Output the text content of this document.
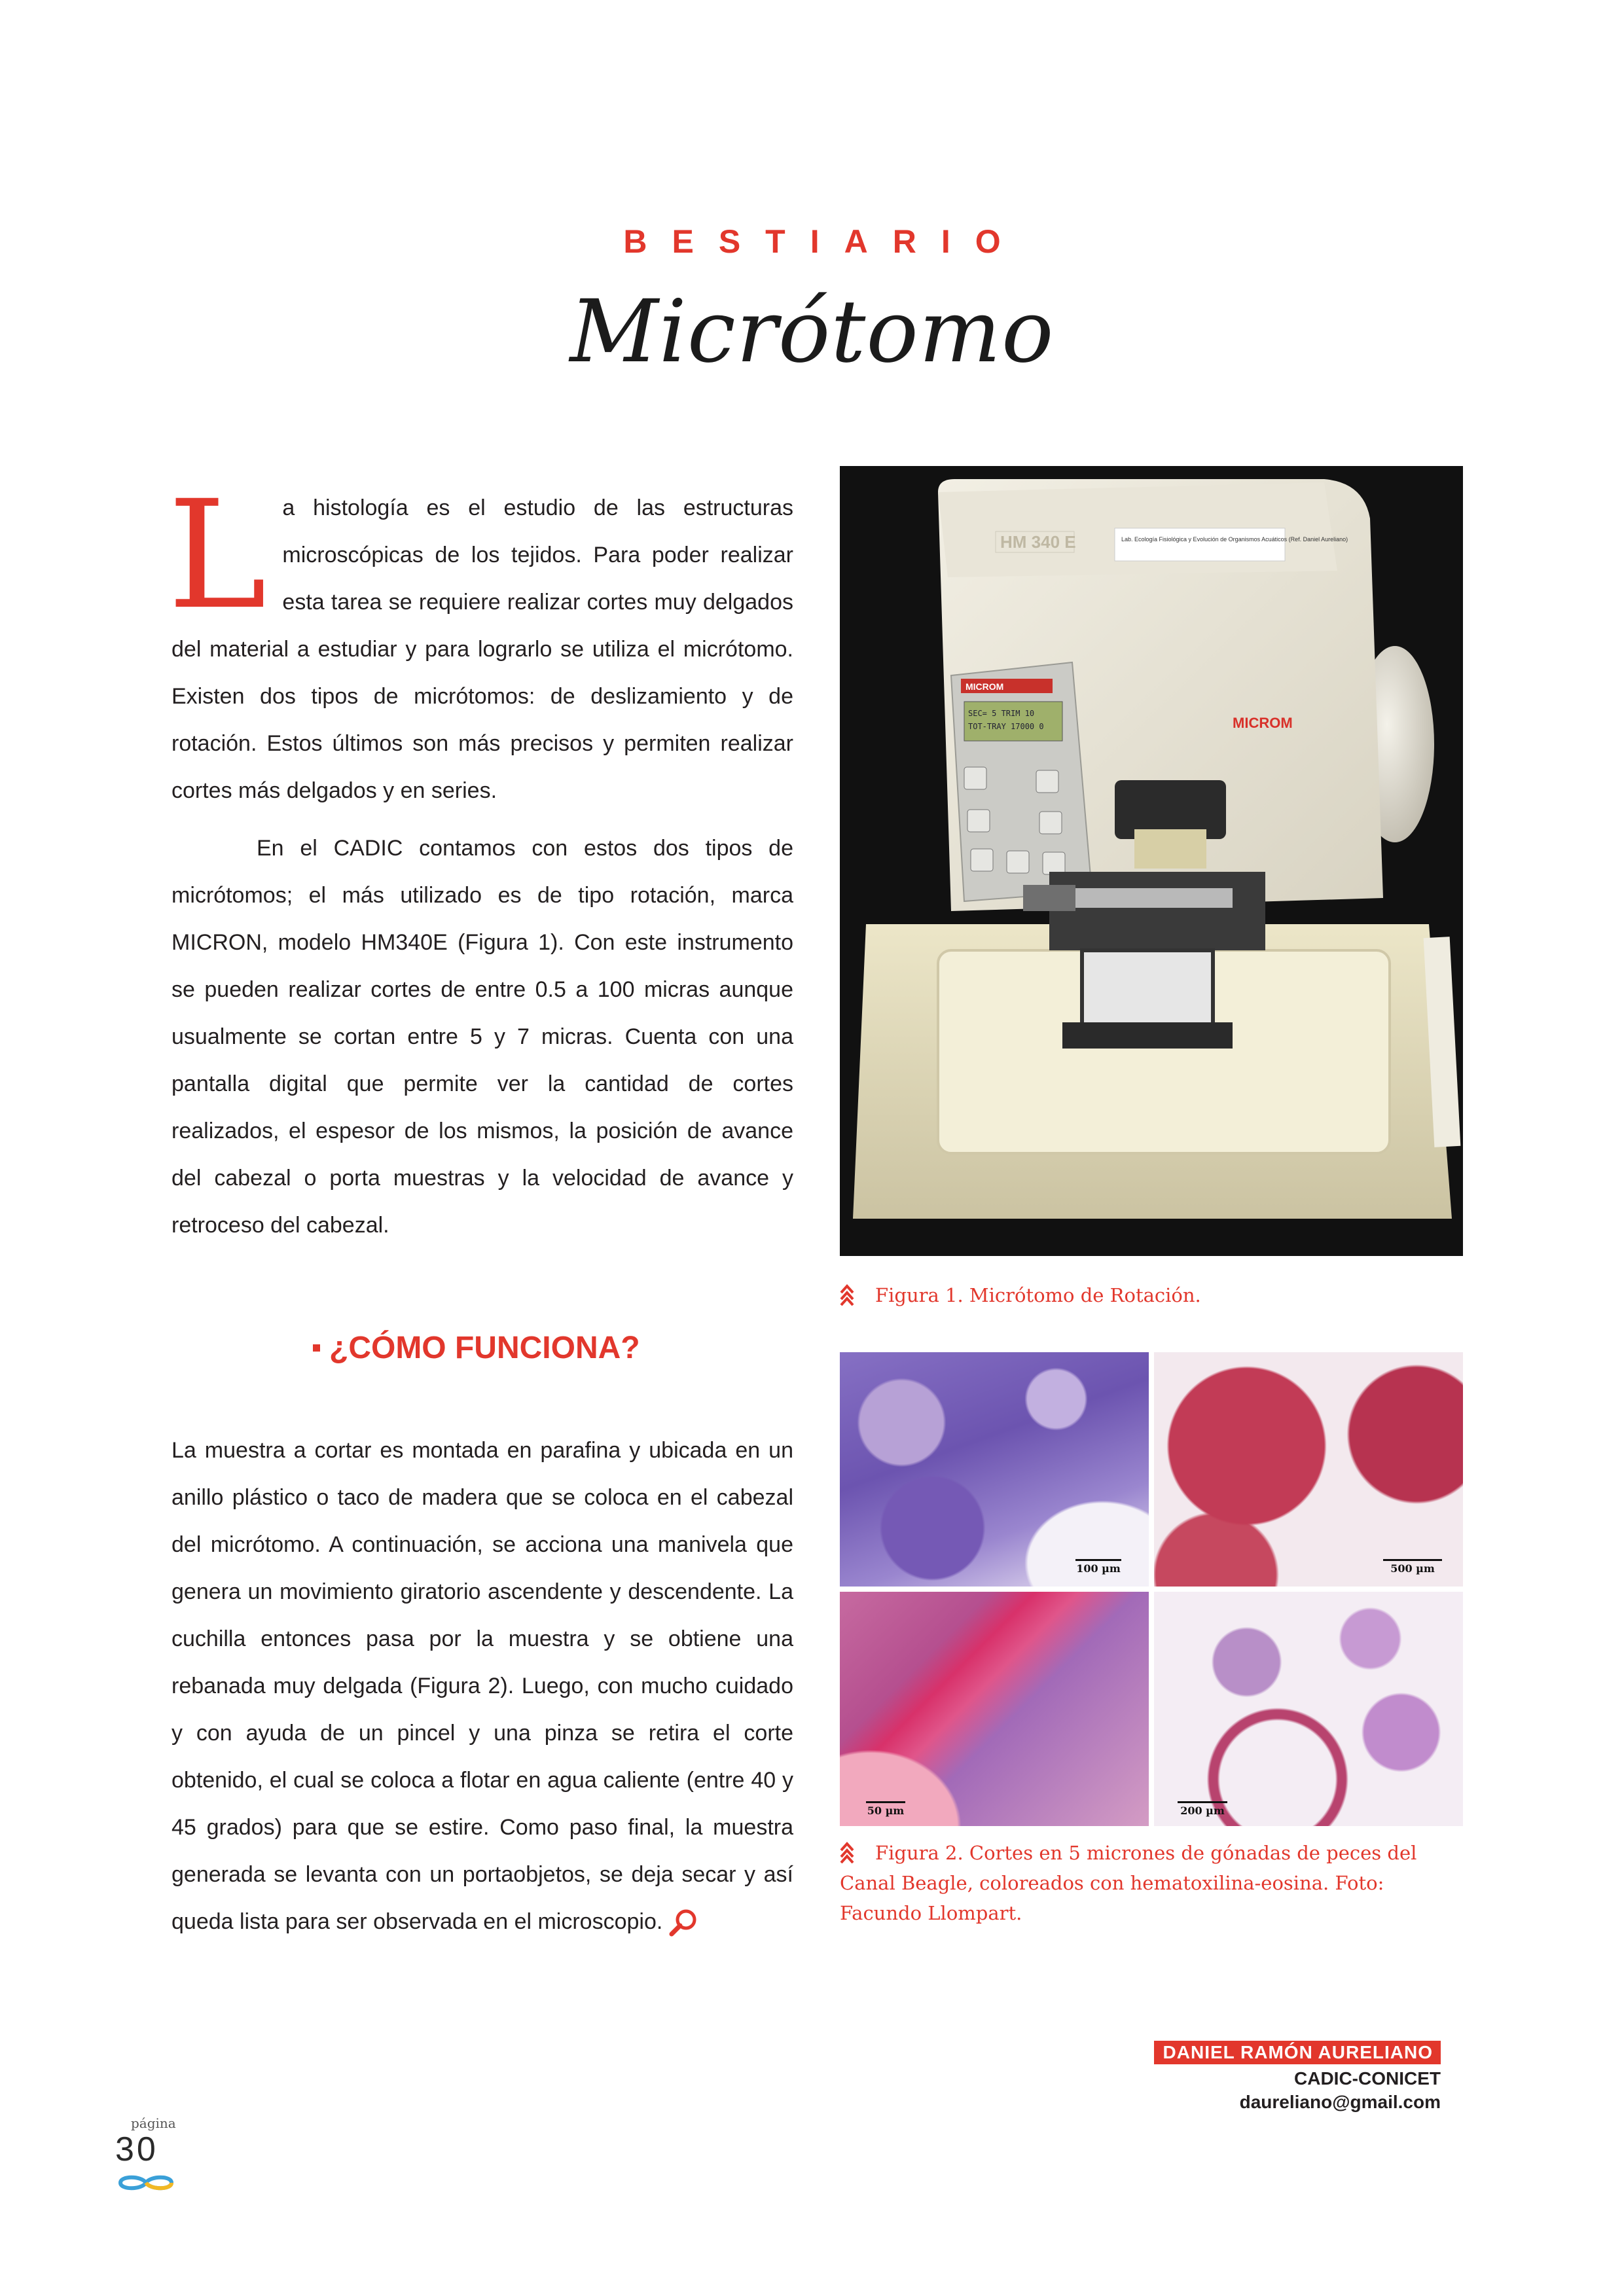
BESTIARIO
Micrótomo
La histología es el estudio de las estructuras microscópicas de los tejidos. Para poder realizar esta tarea se requiere realizar cortes muy delgados del material a estudiar y para lograrlo se utiliza el micrótomo. Existen dos tipos de micrótomos: de deslizamiento y de rotación. Estos últimos son más precisos y permiten realizar cortes más delgados y en series.
En el CADIC contamos con estos dos tipos de micrótomos; el más utilizado es de tipo rotación, marca MICRON, modelo HM340E (Figura 1). Con este instrumento se pueden realizar cortes de entre 0.5 a 100 micras aunque usualmente se cortan entre 5 y 7 micras. Cuenta con una pantalla digital que permite ver la cantidad de cortes realizados, el espesor de los mismos, la posición de avance del cabezal o porta muestras y la velocidad de avance y retroceso del cabezal.
¿CÓMO FUNCIONA?
La muestra a cortar es montada en parafina y ubicada en un anillo plástico o taco de madera que se coloca en el cabezal del micrótomo. A continuación, se acciona una manivela que genera un movimiento giratorio ascendente y descendente. La cuchilla entonces pasa por la muestra y se obtiene una rebanada muy delgada (Figura 2). Luego, con mucho cuidado y con ayuda de un pincel y una pinza se retira el corte obtenido, el cual se coloca a flotar en agua caliente (entre 40 y 45 grados) para que se estire. Como paso final, la muestra generada se levanta con un portaobjetos, se deja secar y así queda lista para ser observada en el microscopio.
HM 340 E	Lab. Ecología Fisiológica y Evolución de Organismos Acuáticos (Ref. Daniel Aureliano)
MICROM
MICROM
SEC= 5 TRIM 10
TOT-TRAY 17000 0
Figura 1. Micrótomo de Rotación.
100 µm	500 µm
50 µm	200 µm
Figura 2. Cortes en 5 micrones de gónadas de peces del Canal Beagle, coloreados con hematoxilina-eosina. Foto: Facundo Llompart.
DANIEL RAMÓN AURELIANO
CADIC-CONICET
daureliano@gmail.com
página
30
